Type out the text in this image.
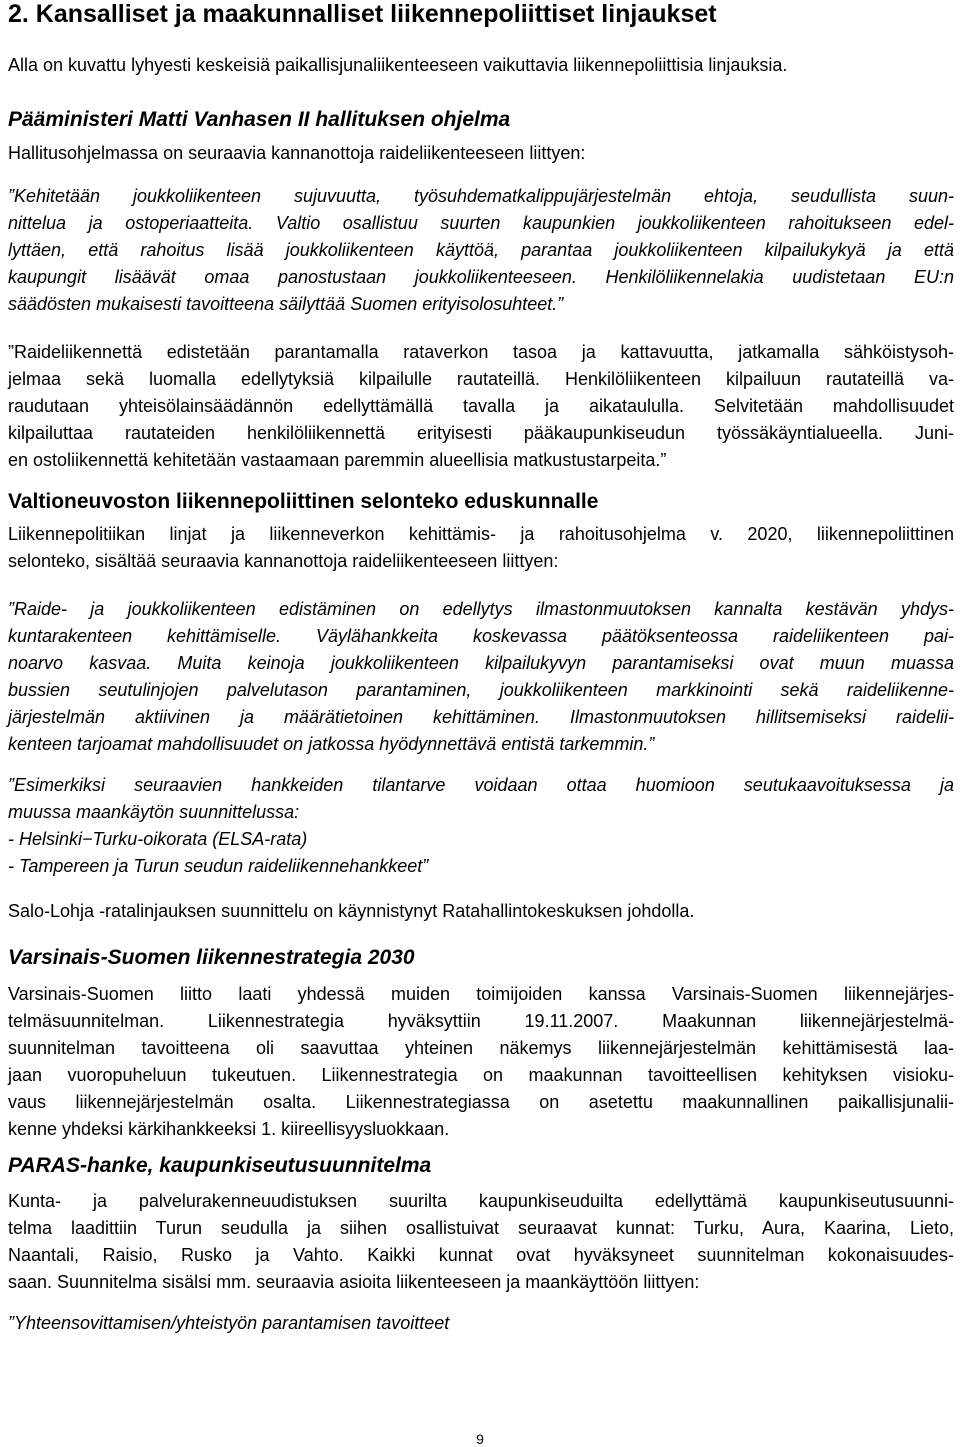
2. Kansalliset ja maakunnalliset liikennepoliittiset linjaukset
Alla on kuvattu lyhyesti keskeisiä paikallisjunaliikenteeseen vaikuttavia liikennepoliittisia linjauksia.
Pääministeri Matti Vanhasen II hallituksen ohjelma
Hallitusohjelmassa on seuraavia kannanottoja raideliikenteeseen liittyen:
”Kehitetään joukkoliikenteen sujuvuutta, työsuhdematkalippujärjestelmän ehtoja, seudullista suun-
nittelua ja ostoperiaatteita. Valtio osallistuu suurten kaupunkien joukkoliikenteen rahoitukseen edel-
lyttäen, että rahoitus lisää joukkoliikenteen käyttöä, parantaa joukkoliikenteen kilpailukykyä ja että
kaupungit lisäävät omaa panostustaan joukkoliikenteeseen. Henkilöliikennelakia uudistetaan EU:n
säädösten mukaisesti tavoitteena säilyttää Suomen erityisolosuhteet.”
”Raideliikennettä edistetään parantamalla rataverkon tasoa ja kattavuutta, jatkamalla sähköistysoh-
jelmaa sekä luomalla edellytyksiä kilpailulle rautateillä. Henkilöliikenteen kilpailuun rautateillä va-
raudutaan yhteisölainsäädännön edellyttämällä tavalla ja aikataululla. Selvitetään mahdollisuudet
kilpailuttaa rautateiden henkilöliikennettä erityisesti pääkaupunkiseudun työssäkäyntialueella. Juni-
en ostoliikennettä kehitetään vastaamaan paremmin alueellisia matkustustarpeita.”
Valtioneuvoston liikennepoliittinen selonteko eduskunnalle
Liikennepolitiikan linjat ja liikenneverkon kehittämis- ja rahoitusohjelma v. 2020, liikennepoliittinen
selonteko, sisältää seuraavia kannanottoja raideliikenteeseen liittyen:
”Raide- ja joukkoliikenteen edistäminen on edellytys ilmastonmuutoksen kannalta kestävän yhdys-
kuntarakenteen kehittämiselle. Väylähankkeita koskevassa päätöksenteossa raideliikenteen pai-
noarvo kasvaa. Muita keinoja joukkoliikenteen kilpailukyvyn parantamiseksi ovat muun muassa
bussien seutulinjojen palvelutason parantaminen, joukkoliikenteen markkinointi sekä raideliikenne-
järjestelmän aktiivinen ja määrätietoinen kehittäminen. Ilmastonmuutoksen hillitsemiseksi raidelii-
kenteen tarjoamat mahdollisuudet on jatkossa hyödynnettävä entistä tarkemmin.”
”Esimerkiksi seuraavien hankkeiden tilantarve voidaan ottaa huomioon seutukaavoituksessa ja
muussa maankäytön suunnittelussa:
- Helsinki−Turku-oikorata (ELSA-rata)
- Tampereen ja Turun seudun raideliikennehankkeet”
Salo-Lohja -ratalinjauksen suunnittelu on käynnistynyt Ratahallintokeskuksen johdolla.
Varsinais-Suomen liikennestrategia 2030
Varsinais-Suomen liitto laati yhdessä muiden toimijoiden kanssa Varsinais-Suomen liikennejärjes-
telmäsuunnitelman. Liikennestrategia hyväksyttiin 19.11.2007. Maakunnan liikennejärjestelmä-
suunnitelman tavoitteena oli saavuttaa yhteinen näkemys liikennejärjestelmän kehittämisestä laa-
jaan vuoropuheluun tukeutuen. Liikennestrategia on maakunnan tavoitteellisen kehityksen visioku-
vaus liikennejärjestelmän osalta. Liikennestrategiassa on asetettu maakunnallinen paikallisjunalii-
kenne yhdeksi kärkihankkeeksi 1. kiireellisyysluokkaan.
PARAS-hanke, kaupunkiseutusuunnitelma
Kunta- ja palvelurakenneuudistuksen suurilta kaupunkiseuduilta edellyttämä kaupunkiseutusuunni-
telma laadittiin Turun seudulla ja siihen osallistuivat seuraavat kunnat: Turku, Aura, Kaarina, Lieto,
Naantali, Raisio, Rusko ja Vahto. Kaikki kunnat ovat hyväksyneet suunnitelman kokonaisuudes-
saan. Suunnitelma sisälsi mm. seuraavia asioita liikenteeseen ja maankäyttöön liittyen:
”Yhteensovittamisen/yhteistyön parantamisen tavoitteet
9
